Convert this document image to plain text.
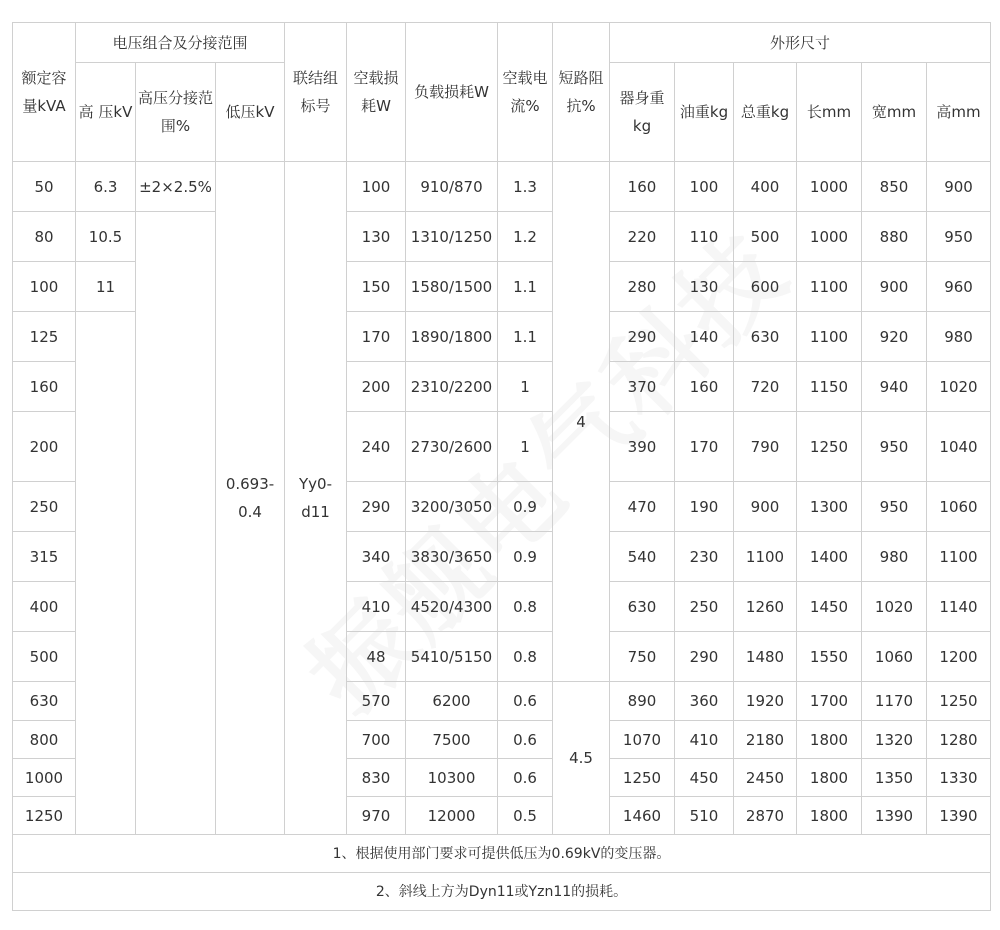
额定容量kVA	电压组合及分接范围			联结组标号	空载损耗W	负载损耗W	空载电流%	短路阻抗%	外形尺寸					
	高 压kV	高压分接范围%	低压kV						器身重kg	油重kg	总重kg	长mm	宽mm	高mm
50	6.3	±2×2.5%	0.693-0.4	Yy0-d11	100	910/870	1.3	4	160	100	400	1000	850	900
80	10.5				130	1310/1250	1.2		220	110	500	1000	880	950
100	11				150	1580/1500	1.1		280	130	600	1100	900	960
125					170	1890/1800	1.1		290	140	630	1100	920	980
160					200	2310/2200	1		370	160	720	1150	940	1020
200					240	2730/2600	1		390	170	790	1250	950	1040
250					290	3200/3050	0.9		470	190	900	1300	950	1060
315					340	3830/3650	0.9		540	230	1100	1400	980	1100
400					410	4520/4300	0.8		630	250	1260	1450	1020	1140
500					48	5410/5150	0.8		750	290	1480	1550	1060	1200
630					570	6200	0.6	4.5	890	360	1920	1700	1170	1250
800					700	7500	0.6		1070	410	2180	1800	1320	1280
1000					830	10300	0.6		1250	450	2450	1800	1350	1330
1250					970	12000	0.5		1460	510	2870	1800	1390	1390
1、根据使用部门要求可提供低压为0.69kV的变压器。														
2、斜线上方为Dyn11或Yzn11的损耗。														
